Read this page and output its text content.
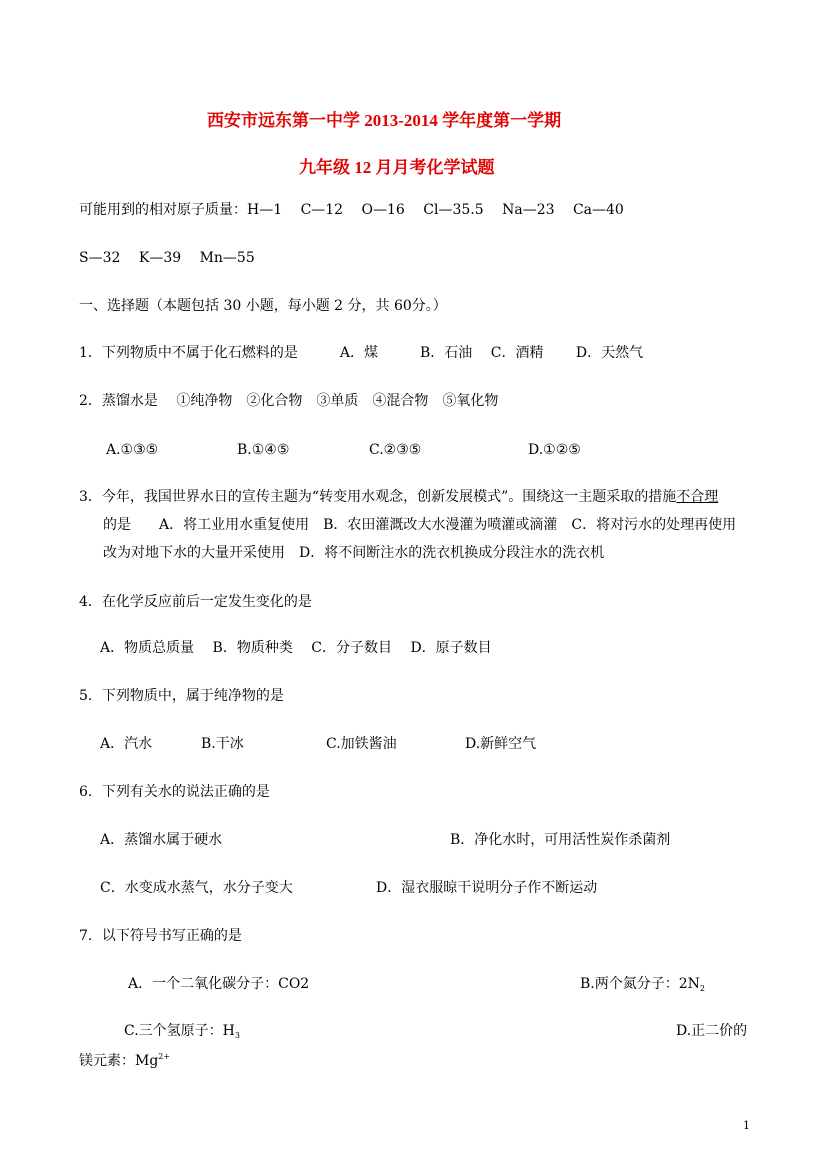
西安市远东第一中学 2013-2014 学年度第一学期
九年级 12 月月考化学试题
可能用到的相对原子质量：H—1　 C—12　 O—16　 Cl—35.5　 Na—23　 Ca—40
S—32　 K—39　 Mn—55
一、选择题（本题包括 30 小题，每小题 2 分，共 60分。）
1．下列物质中不属于化石燃料的是　　　A．煤　　　B．石油　 C．酒精　　 D．天然气
2．蒸馏水是　 ①纯净物　②化合物　③单质　④混合物　⑤氧化物
A.①③⑤	B.①④⑤	C.②③⑤	D.①②⑤
3．今年，我国世界水日的宣传主题为“转变用水观念，创新发展模式”。围绕这一主题采取的措施不合理
的是　　A．将工业用水重复使用　B．农田灌溉改大水漫灌为喷灌或滴灌　C．将对污水的处理再使用
改为对地下水的大量开采使用　D．将不间断注水的洗衣机换成分段注水的洗衣机
4．在化学反应前后一定发生变化的是
A．物质总质量　 B．物质种类　 C．分子数目　 D．原子数目
5．下列物质中，属于纯净物的是
A．汽水	B.干冰	C.加铁酱油	D.新鲜空气
6．下列有关水的说法正确的是
A．蒸馏水属于硬水	B．净化水时，可用活性炭作杀菌剂
C．水变成水蒸气，水分子变大	D．湿衣服晾干说明分子作不断运动
7．以下符号书写正确的是
A．一个二氧化碳分子：CO2	B.两个氮分子：$2N_2$
C.三个氢原子：$H_3$	D.正二价的
镁元素：$Mg^{2+}$
1
